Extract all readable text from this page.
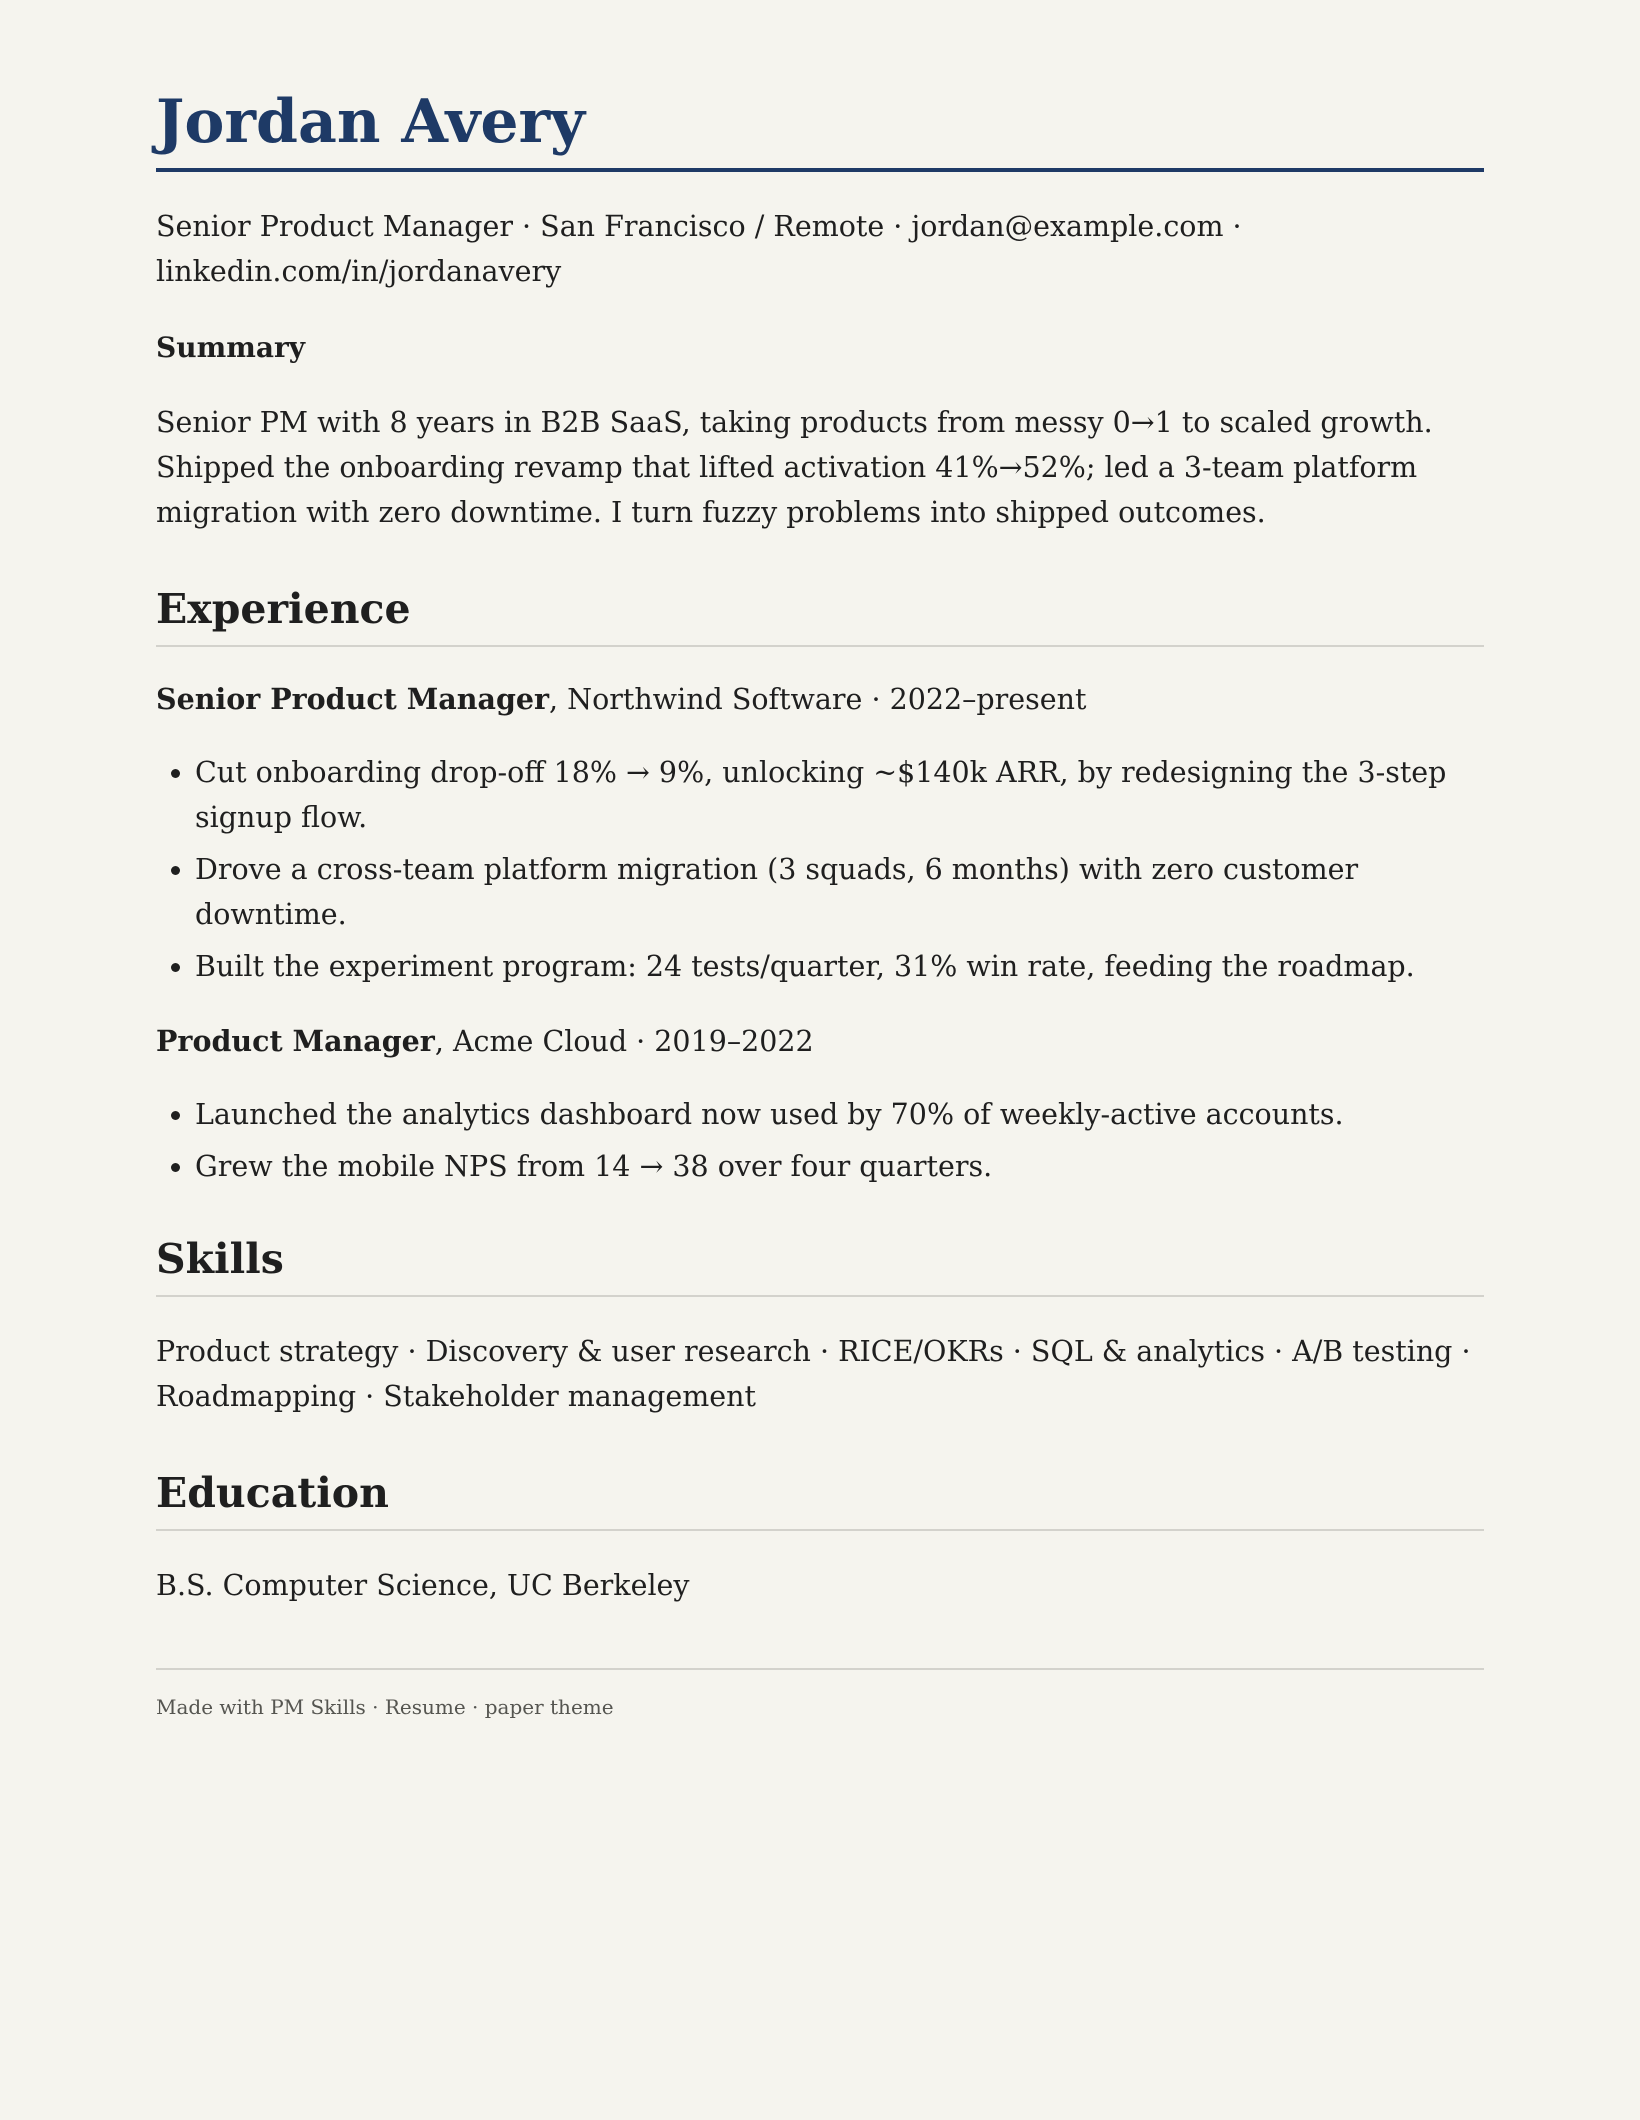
Jordan Avery

Senior Product Manager · San Francisco / Remote · jordan@example.com · linkedin.com/in/jordanavery

Summary

Senior PM with 8 years in B2B SaaS, taking products from messy 0→1 to scaled growth. Shipped the onboarding revamp that lifted activation 41%→52%; led a 3-team platform migration with zero downtime. I turn fuzzy problems into shipped outcomes.

Experience

Senior Product Manager, Northwind Software · 2022–present

• Cut onboarding drop-off 18% → 9%, unlocking ~$140k ARR, by redesigning the 3-step signup flow.
• Drove a cross-team platform migration (3 squads, 6 months) with zero customer downtime.
• Built the experiment program: 24 tests/quarter, 31% win rate, feeding the roadmap.

Product Manager, Acme Cloud · 2019–2022

• Launched the analytics dashboard now used by 70% of weekly-active accounts.
• Grew the mobile NPS from 14 → 38 over four quarters.
Skills

Product strategy · Discovery & user research · RICE/OKRs · SQL & analytics · A/B testing · Roadmapping · Stakeholder management

Education

B.S. Computer Science, UC Berkeley

Made with PM Skills · Resume · paper theme
